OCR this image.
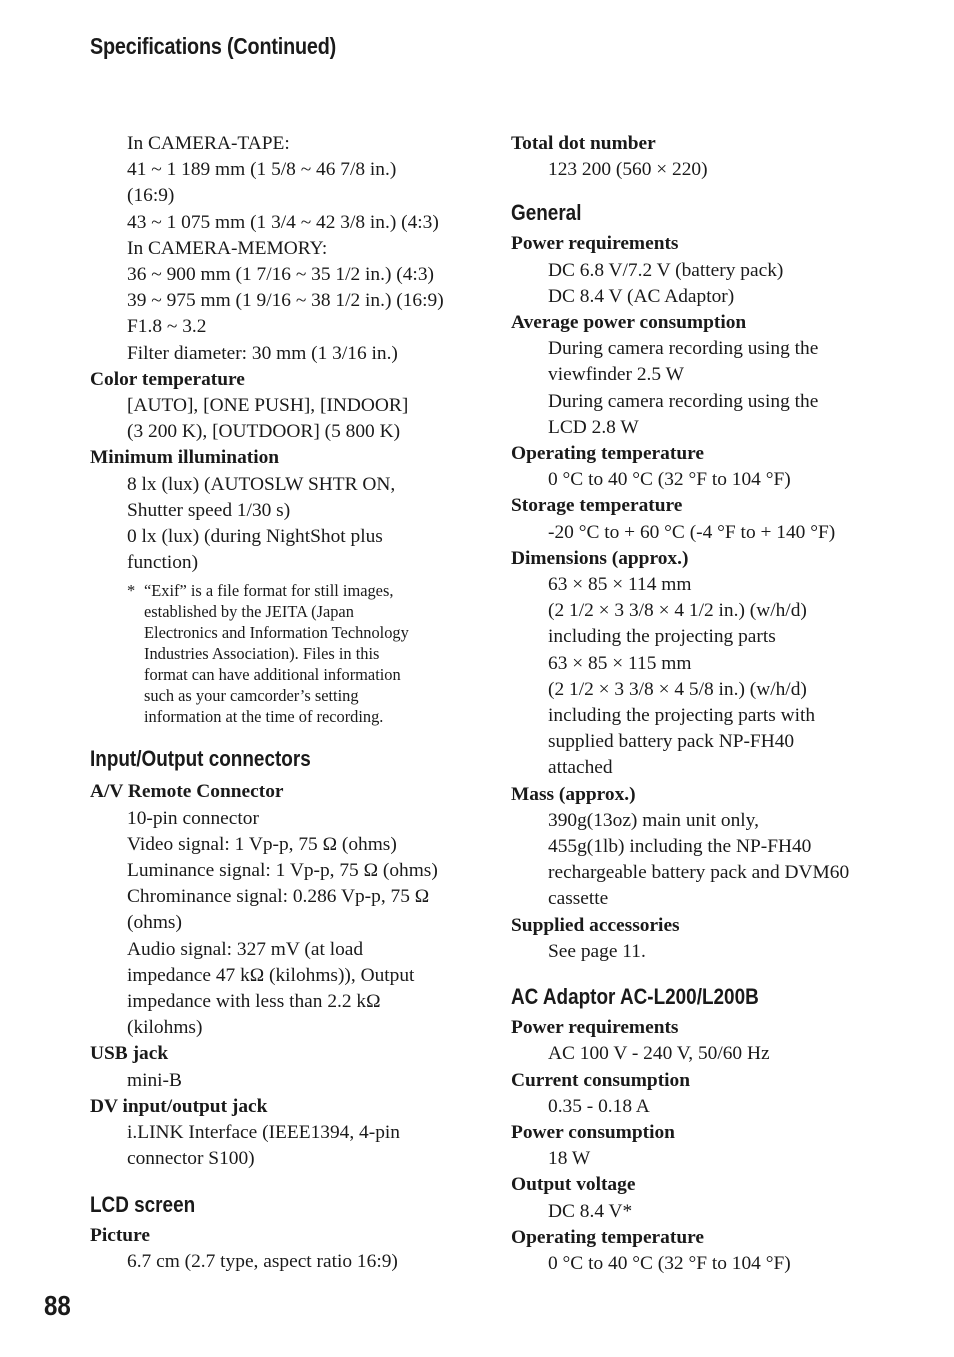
Specifications (Continued)
In CAMERA-TAPE:
41 ~ 1 189 mm (1 5/8 ~ 46 7/8 in.)
(16:9)
43 ~ 1 075 mm (1 3/4 ~ 42 3/8 in.) (4:3)
In CAMERA-MEMORY:
36 ~ 900 mm (1 7/16 ~ 35 1/2 in.) (4:3)
39 ~ 975 mm (1 9/16 ~ 38 1/2 in.) (16:9)
F1.8 ~ 3.2
Filter diameter: 30 mm (1 3/16 in.)
Color temperature
[AUTO], [ONE PUSH], [INDOOR]
(3 200 K), [OUTDOOR] (5 800 K)
Minimum illumination
8 lx (lux) (AUTOSLW SHTR ON,
Shutter speed 1/30 s)
0 lx (lux) (during NightShot plus
function)
* “Exif” is a file format for still images,
established by the JEITA (Japan
Electronics and Information Technology
Industries Association). Files in this
format can have additional information
such as your camcorder’s setting
information at the time of recording.
Input/Output connectors
A/V Remote Connector
10-pin connector
Video signal: 1 Vp-p, 75 Ω (ohms)
Luminance signal: 1 Vp-p, 75 Ω (ohms)
Chrominance signal: 0.286 Vp-p, 75 Ω
(ohms)
Audio signal: 327 mV (at load
impedance 47 kΩ (kilohms)), Output
impedance with less than 2.2 kΩ
(kilohms)
USB jack
mini-B
DV input/output jack
i.LINK Interface (IEEE1394, 4-pin
connector S100)
LCD screen
Picture
6.7 cm (2.7 type, aspect ratio 16:9)
Total dot number
123 200 (560 × 220)
General
Power requirements
DC 6.8 V/7.2 V (battery pack)
DC 8.4 V (AC Adaptor)
Average power consumption
During camera recording using the
viewfinder 2.5 W
During camera recording using the
LCD 2.8 W
Operating temperature
0 °C to 40 °C (32 °F to 104 °F)
Storage temperature
-20 °C to + 60 °C (-4 °F to + 140 °F)
Dimensions (approx.)
63 × 85 × 114 mm
(2 1/2 × 3 3/8 × 4 1/2 in.) (w/h/d)
including the projecting parts
63 × 85 × 115 mm
(2 1/2 × 3 3/8 × 4 5/8 in.) (w/h/d)
including the projecting parts with
supplied battery pack NP-FH40
attached
Mass (approx.)
390g(13oz) main unit only,
455g(1lb) including the NP-FH40
rechargeable battery pack and DVM60
cassette
Supplied accessories
See page 11.
AC Adaptor AC-L200/L200B
Power requirements
AC 100 V - 240 V, 50/60 Hz
Current consumption
0.35 - 0.18 A
Power consumption
18 W
Output voltage
DC 8.4 V*
Operating temperature
0 °C to 40 °C (32 °F to 104 °F)
88
